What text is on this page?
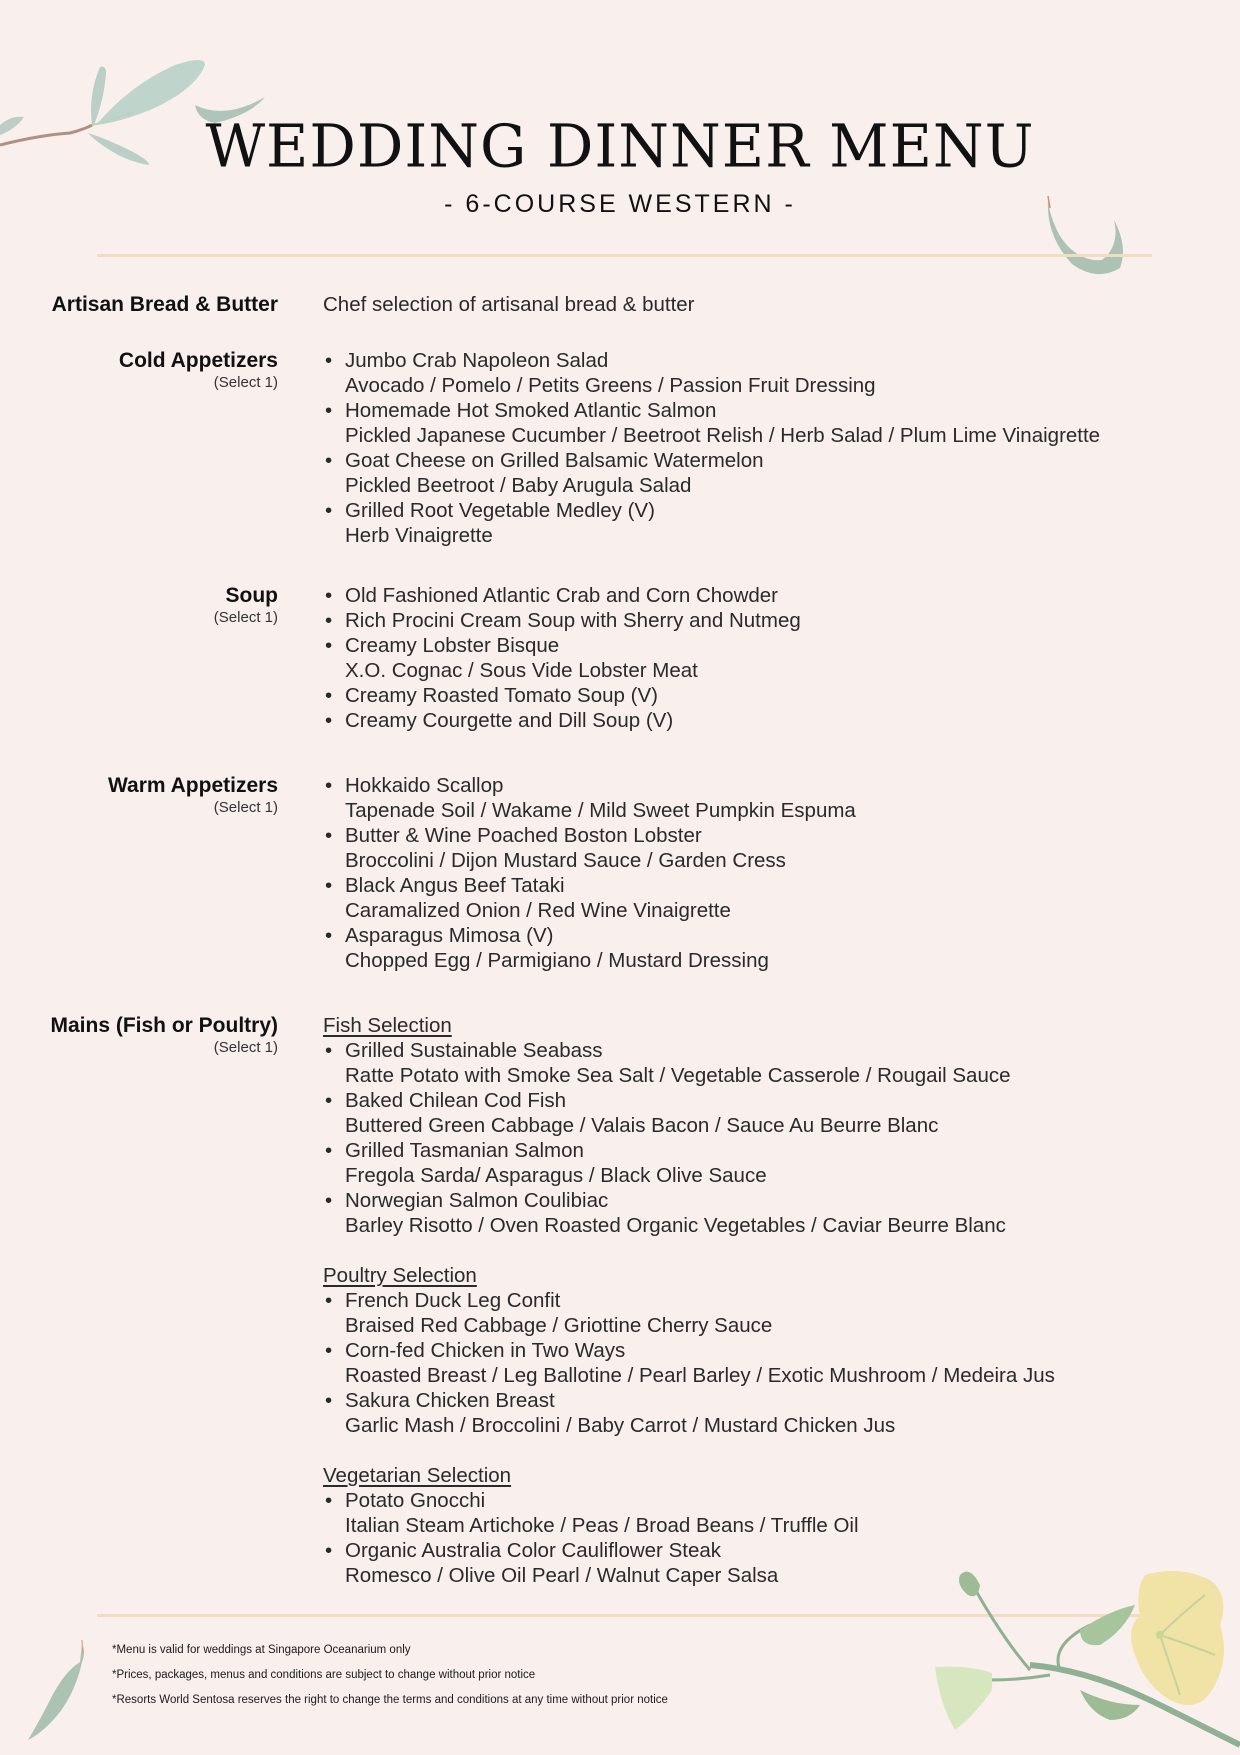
WEDDING DINNER MENU
- 6-COURSE WESTERN -
Artisan Bread & Butter Chef selection of artisanal bread & butter
Cold Appetizers
(Select 1)
• Jumbo Crab Napoleon Salad
Avocado / Pomelo / Petits Greens / Passion Fruit Dressing
• Homemade Hot Smoked Atlantic Salmon
Pickled Japanese Cucumber / Beetroot Relish / Herb Salad / Plum Lime Vinaigrette
• Goat Cheese on Grilled Balsamic Watermelon
Pickled Beetroot / Baby Arugula Salad
• Grilled Root Vegetable Medley (V)
Herb Vinaigrette
Soup
(Select 1)
• Old Fashioned Atlantic Crab and Corn Chowder
• Rich Procini Cream Soup with Sherry and Nutmeg
• Creamy Lobster Bisque
X.O. Cognac / Sous Vide Lobster Meat
• Creamy Roasted Tomato Soup (V)
• Creamy Courgette and Dill Soup (V)
Warm Appetizers
(Select 1)
• Hokkaido Scallop
Tapenade Soil / Wakame / Mild Sweet Pumpkin Espuma
• Butter & Wine Poached Boston Lobster
Broccolini / Dijon Mustard Sauce / Garden Cress
• Black Angus Beef Tataki
Caramalized Onion / Red Wine Vinaigrette
• Asparagus Mimosa (V)
Chopped Egg / Parmigiano / Mustard Dressing
Mains (Fish or Poultry)
(Select 1)
Fish Selection
• Grilled Sustainable Seabass
Ratte Potato with Smoke Sea Salt / Vegetable Casserole / Rougail Sauce
• Baked Chilean Cod Fish
Buttered Green Cabbage / Valais Bacon / Sauce Au Beurre Blanc
• Grilled Tasmanian Salmon
Fregola Sarda/ Asparagus / Black Olive Sauce
• Norwegian Salmon Coulibiac
Barley Risotto / Oven Roasted Organic Vegetables / Caviar Beurre Blanc
Poultry Selection
• French Duck Leg Confit
Braised Red Cabbage / Griottine Cherry Sauce
• Corn-fed Chicken in Two Ways
Roasted Breast / Leg Ballotine / Pearl Barley / Exotic Mushroom / Medeira Jus
• Sakura Chicken Breast
Garlic Mash / Broccolini / Baby Carrot / Mustard Chicken Jus
Vegetarian Selection
• Potato Gnocchi
Italian Steam Artichoke / Peas / Broad Beans / Truffle Oil
• Organic Australia Color Cauliflower Steak
Romesco / Olive Oil Pearl / Walnut Caper Salsa
*Menu is valid for weddings at Singapore Oceanarium only
*Prices, packages, menus and conditions are subject to change without prior notice
*Resorts World Sentosa reserves the right to change the terms and conditions at any time without prior notice
